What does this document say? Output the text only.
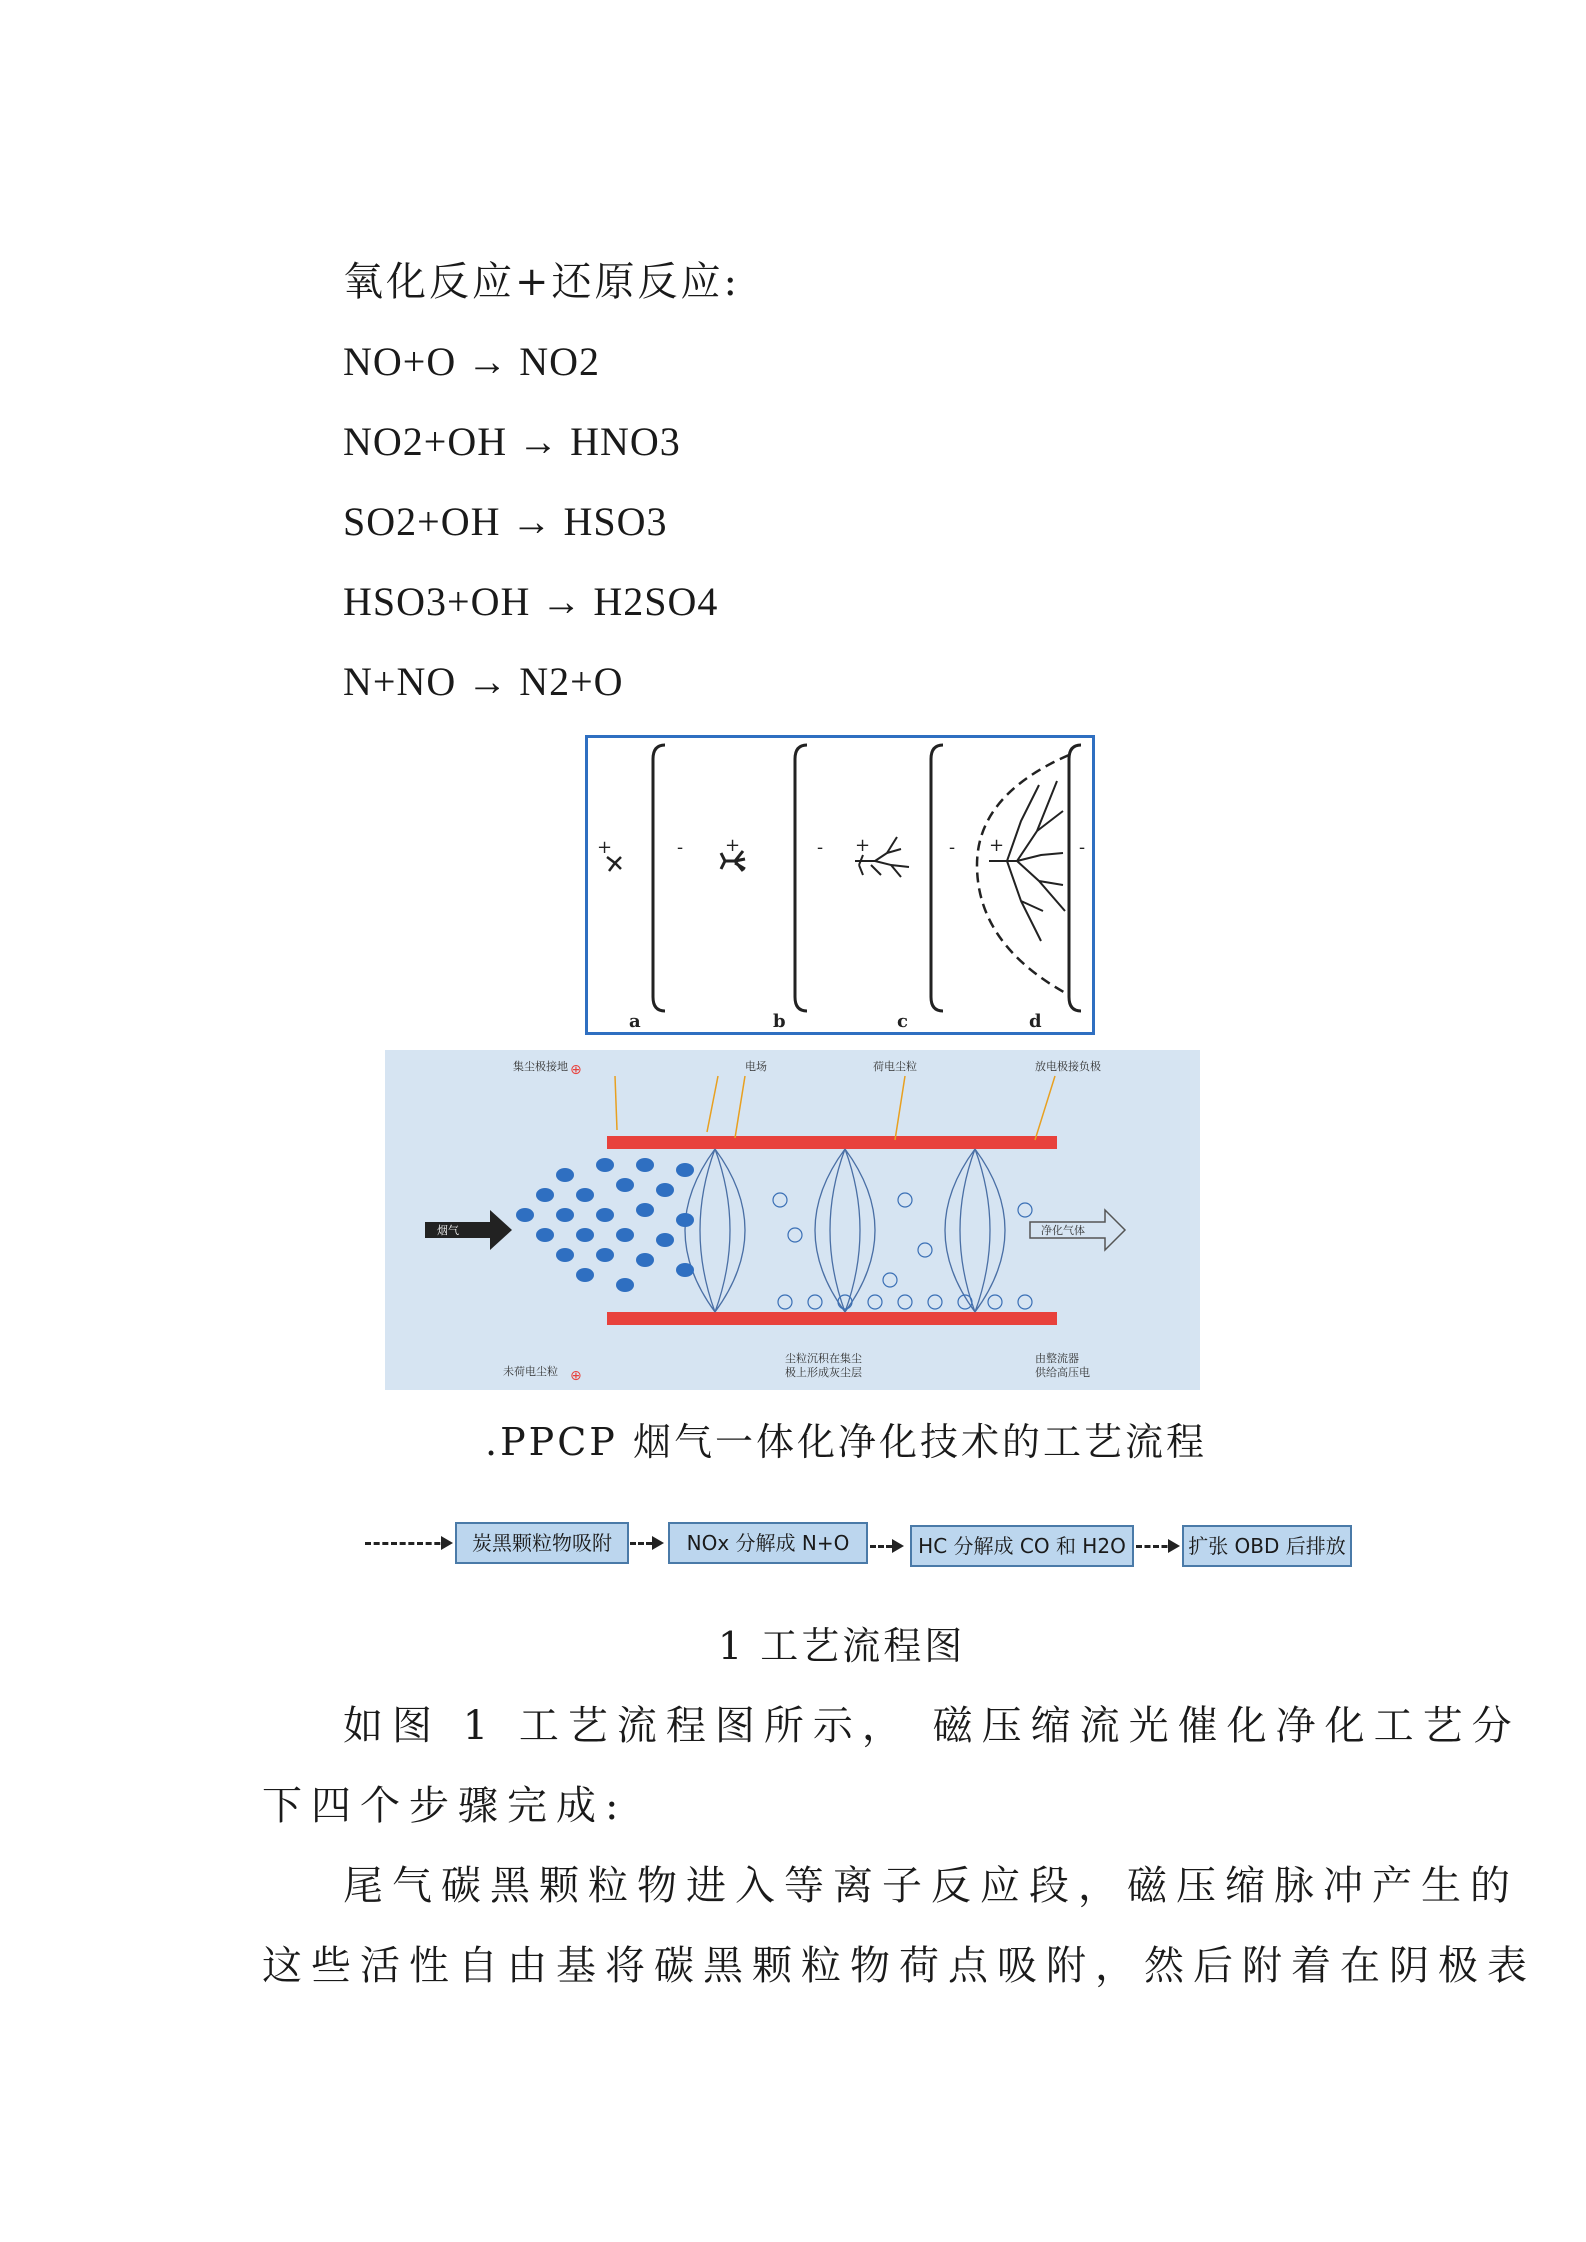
氧化反应+还原反应:
NO+O → NO2
NO2+OH → HNO3
SO2+OH → HSO3
HSO3+OH → H2SO4
N+NO → N2+O
+	-
a
+	-
b
+	-
c
+	-
d
烟气	净化气体
集尘极接地	电场	荷电尘粒	放电极接负极
未荷电尘粒
尘粒沉积在集尘极上形成灰尘层
由整流器供给高压电
⊕
⊕
.PPCP 烟气一体化净化技术的工艺流程
炭黑颗粒物吸附	NOx 分解成 N+O	HC 分解成 CO 和 H2O	扩张 OBD 后排放
1 工艺流程图
如图 1 工艺流程图所示， 磁压缩流光催化净化工艺分
下四个步骤完成:
尾气碳黑颗粒物进入等离子反应段，磁压缩脉冲产生的
这些活性自由基将碳黑颗粒物荷点吸附，然后附着在阴极表
